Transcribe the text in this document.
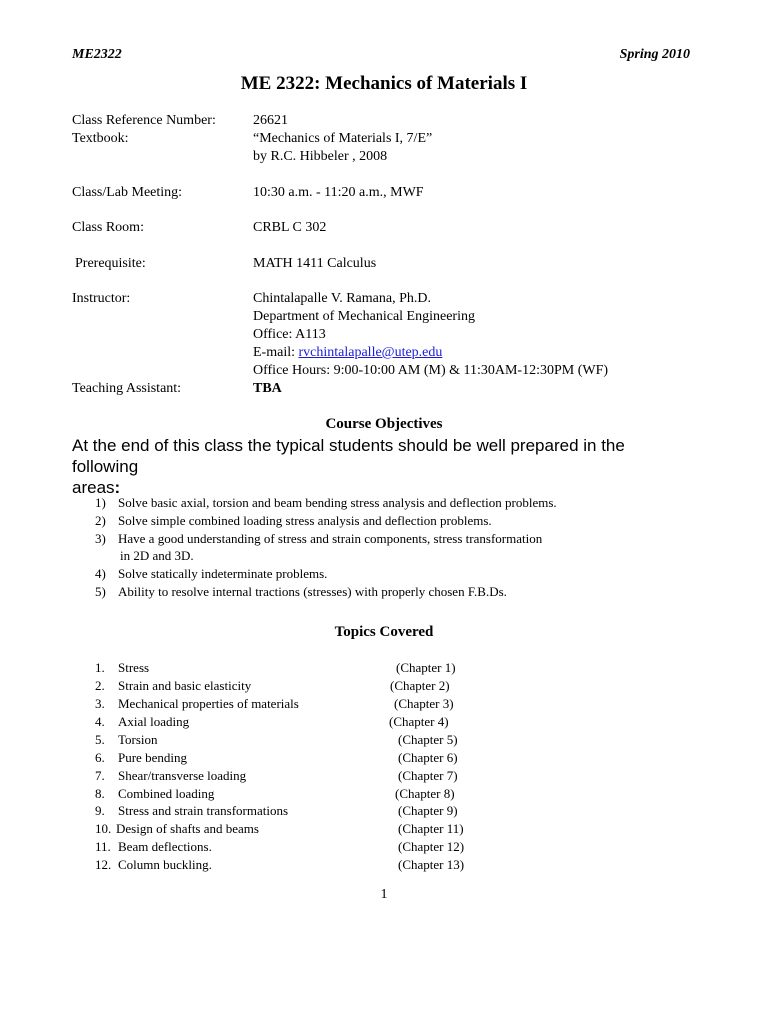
ME2322	Spring 2010
ME 2322: Mechanics of Materials I
Class Reference Number:	26621
Textbook:	“Mechanics of Materials I, 7/E”
by R.C. Hibbeler , 2008
Class/Lab Meeting:	10:30 a.m. - 11:20 a.m., MWF
Class Room:	CRBL C 302
Prerequisite:	MATH 1411 Calculus
Instructor:	Chintalapalle V. Ramana, Ph.D.
Department of Mechanical Engineering
Office: A113
E-mail: rvchintalapalle@utep.edu
Office Hours: 9:00-10:00 AM (M) & 11:30AM-12:30PM (WF)
Teaching Assistant:	TBA
Course Objectives
At the end of this class the typical students should be well prepared in the following
areas:
1) Solve basic axial, torsion and beam bending stress analysis and deflection problems.
2) Solve simple combined loading stress analysis and deflection problems.
3) Have a good understanding of stress and strain components, stress transformation
in 2D and 3D.
4) Solve statically indeterminate problems.
5) Ability to resolve internal tractions (stresses) with properly chosen F.B.Ds.
Topics Covered
1. Stress	(Chapter 1)
2. Strain and basic elasticity	(Chapter 2)
3. Mechanical properties of materials	(Chapter 3)
4. Axial loading	(Chapter 4)
5. Torsion	(Chapter 5)
6. Pure bending	(Chapter 6)
7. Shear/transverse loading	(Chapter 7)
8. Combined loading	(Chapter 8)
9. Stress and strain transformations	(Chapter 9)
10. Design of shafts and beams	(Chapter 11)
11. Beam deflections.	(Chapter 12)
12. Column buckling.	(Chapter 13)
1
